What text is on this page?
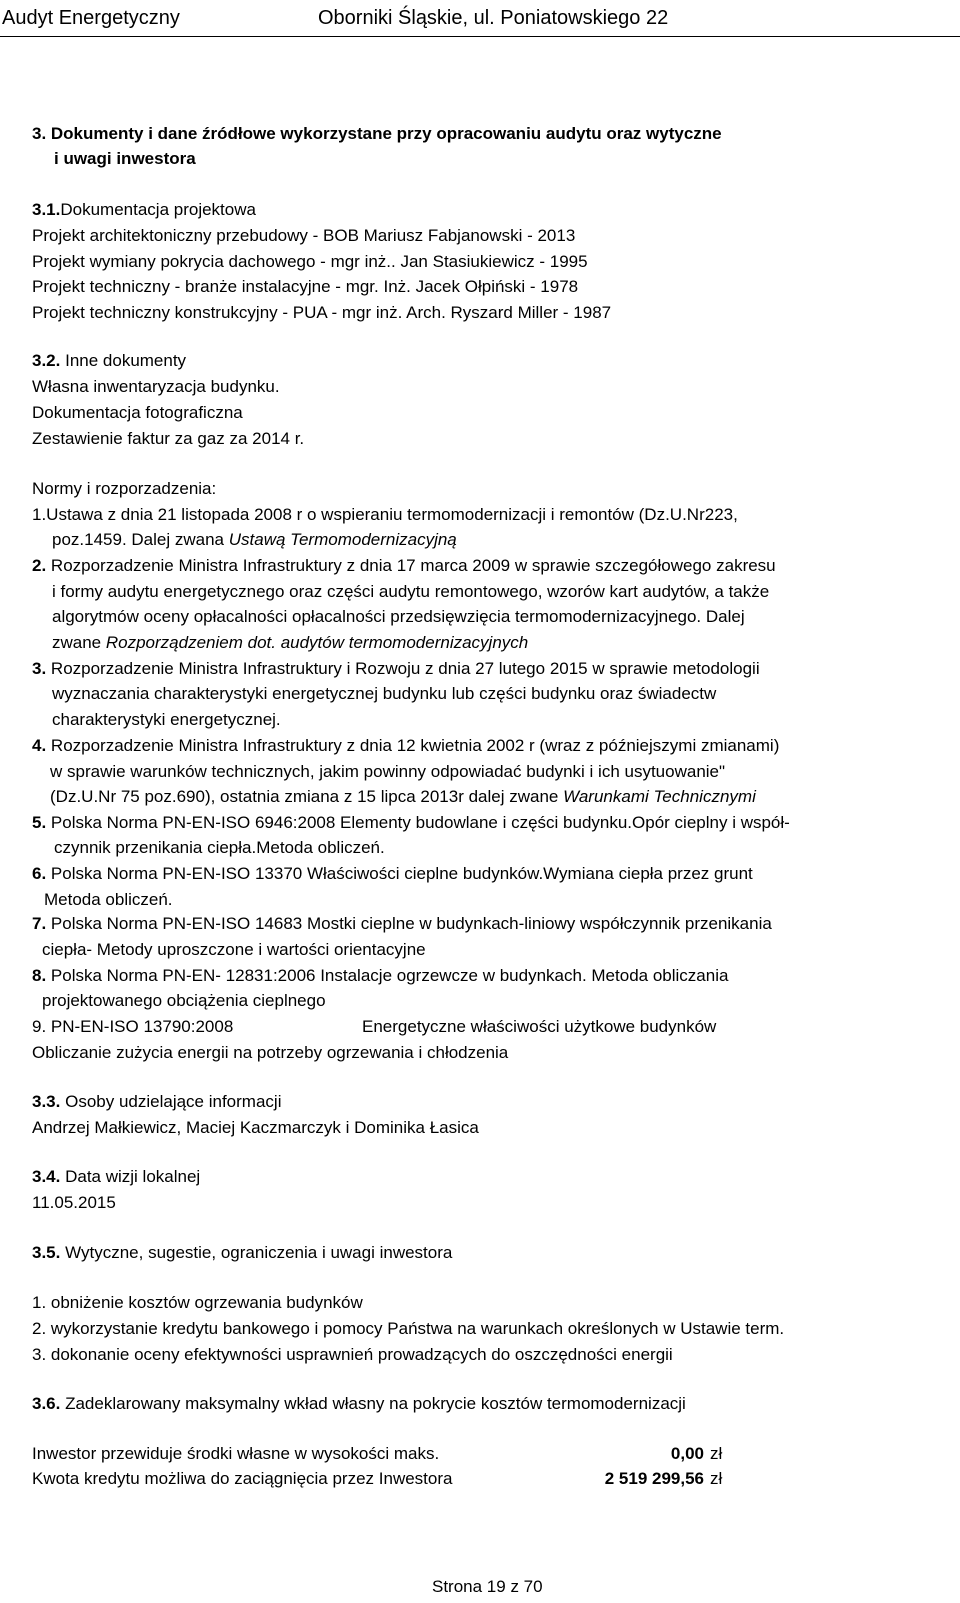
Audyt Energetyczny	Oborniki Śląskie, ul. Poniatowskiego 22
3. Dokumenty i dane źródłowe wykorzystane przy opracowaniu audytu oraz wytyczne
i uwagi inwestora
3.1.Dokumentacja projektowa
Projekt architektoniczny przebudowy - BOB Mariusz Fabjanowski - 2013
Projekt wymiany pokrycia dachowego - mgr inż.. Jan Stasiukiewicz - 1995
Projekt techniczny - branże instalacyjne - mgr. Inż. Jacek Ołpiński - 1978
Projekt techniczny konstrukcyjny - PUA - mgr inż. Arch. Ryszard Miller - 1987
3.2. Inne dokumenty
Własna inwentaryzacja budynku.
Dokumentacja fotograficzna
Zestawienie faktur za gaz za 2014 r.
Normy i rozporzadzenia:
1.Ustawa z dnia 21 listopada 2008 r o wspieraniu termomodernizacji i remontów (Dz.U.Nr223,
poz.1459. Dalej zwana Ustawą Termomodernizacyjną
2. Rozporzadzenie Ministra Infrastruktury z dnia 17 marca 2009 w sprawie szczegółowego zakresu
i formy audytu energetycznego oraz części audytu remontowego, wzorów kart audytów, a także
algorytmów oceny opłacalności opłacalności przedsięwzięcia termomodernizacyjnego. Dalej
zwane Rozporządzeniem dot. audytów termomodernizacyjnych
3. Rozporzadzenie Ministra Infrastruktury i Rozwoju z dnia 27 lutego 2015 w sprawie metodologii
wyznaczania charakterystyki energetycznej budynku lub części budynku oraz świadectw
charakterystyki energetycznej.
4. Rozporzadzenie Ministra Infrastruktury z dnia 12 kwietnia 2002 r (wraz z późniejszymi zmianami)
w sprawie warunków technicznych, jakim powinny odpowiadać budynki i ich usytuowanie"
(Dz.U.Nr 75 poz.690), ostatnia zmiana z 15 lipca 2013r dalej zwane Warunkami Technicznymi
5. Polska Norma PN-EN-ISO 6946:2008 Elementy budowlane i części budynku.Opór cieplny i współ-
czynnik przenikania ciepła.Metoda obliczeń.
6. Polska Norma PN-EN-ISO 13370 Właściwości cieplne budynków.Wymiana ciepła przez grunt
Metoda obliczeń.
7. Polska Norma PN-EN-ISO 14683 Mostki cieplne w budynkach-liniowy współczynnik przenikania
ciepła- Metody uproszczone i wartości orientacyjne
8. Polska Norma PN-EN- 12831:2006 Instalacje ogrzewcze w budynkach. Metoda obliczania
projektowanego obciążenia cieplnego
9. PN-EN-ISO 13790:2008	Energetyczne właściwości użytkowe budynków
Obliczanie zużycia energii na potrzeby ogrzewania i chłodzenia
3.3. Osoby udzielające informacji
Andrzej Małkiewicz, Maciej Kaczmarczyk i Dominika Łasica
3.4. Data wizji lokalnej
11.05.2015
3.5. Wytyczne, sugestie, ograniczenia i uwagi inwestora
1. obniżenie kosztów ogrzewania budynków
2. wykorzystanie kredytu bankowego i pomocy Państwa na warunkach określonych w Ustawie term.
3. dokonanie oceny efektywności usprawnień prowadzących do oszczędności energii
3.6. Zadeklarowany maksymalny wkład własny na pokrycie kosztów termomodernizacji
Inwestor przewiduje środki własne w wysokości maks.	0,00 zł
Kwota kredytu możliwa do zaciągnięcia przez Inwestora	2 519 299,56 zł
Strona 19 z 70
